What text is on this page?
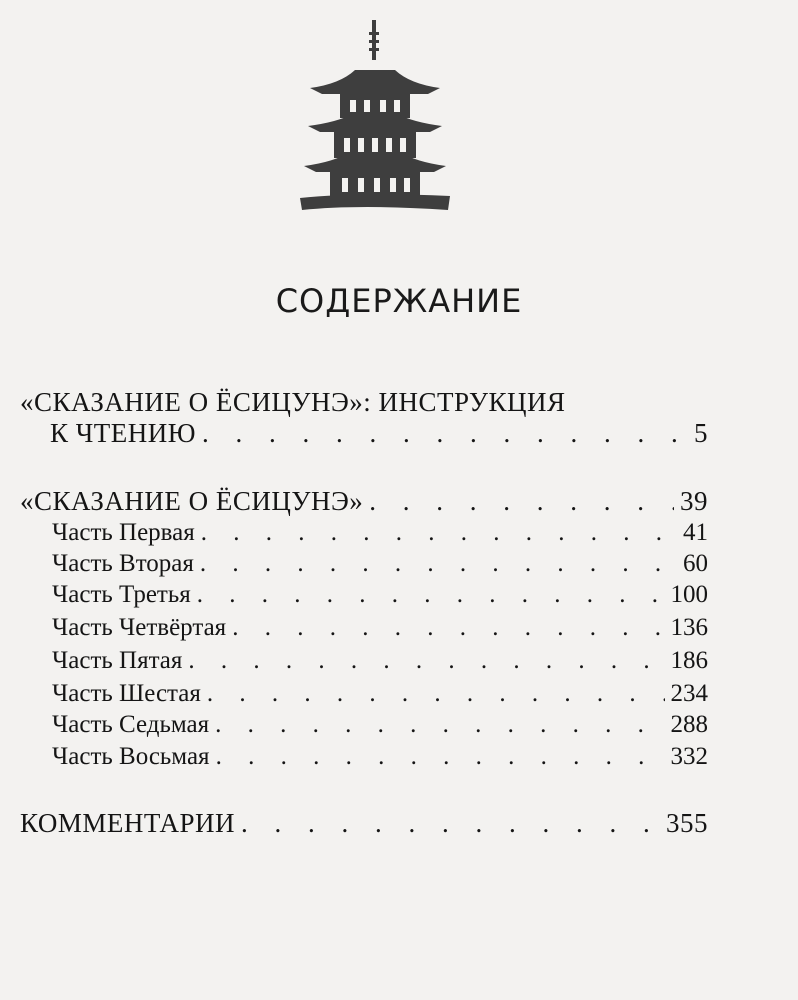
СОДЕРЖАНИЕ
«СКАЗАНИЕ О ЁСИЦУНЭ»: ИНСТРУКЦИЯ
К ЧТЕНИЮ . . .	5
«СКАЗАНИЕ О ЁСИЦУНЭ» . . .	39
Часть Первая . . .	41
Часть Вторая . . .	60
Часть Третья . . .	100
Часть Четвёртая . . .	136
Часть Пятая . . .	186
Часть Шестая . . .	234
Часть Седьмая . . .	288
Часть Восьмая . . .	332
КОММЕНТАРИИ . . .	355
